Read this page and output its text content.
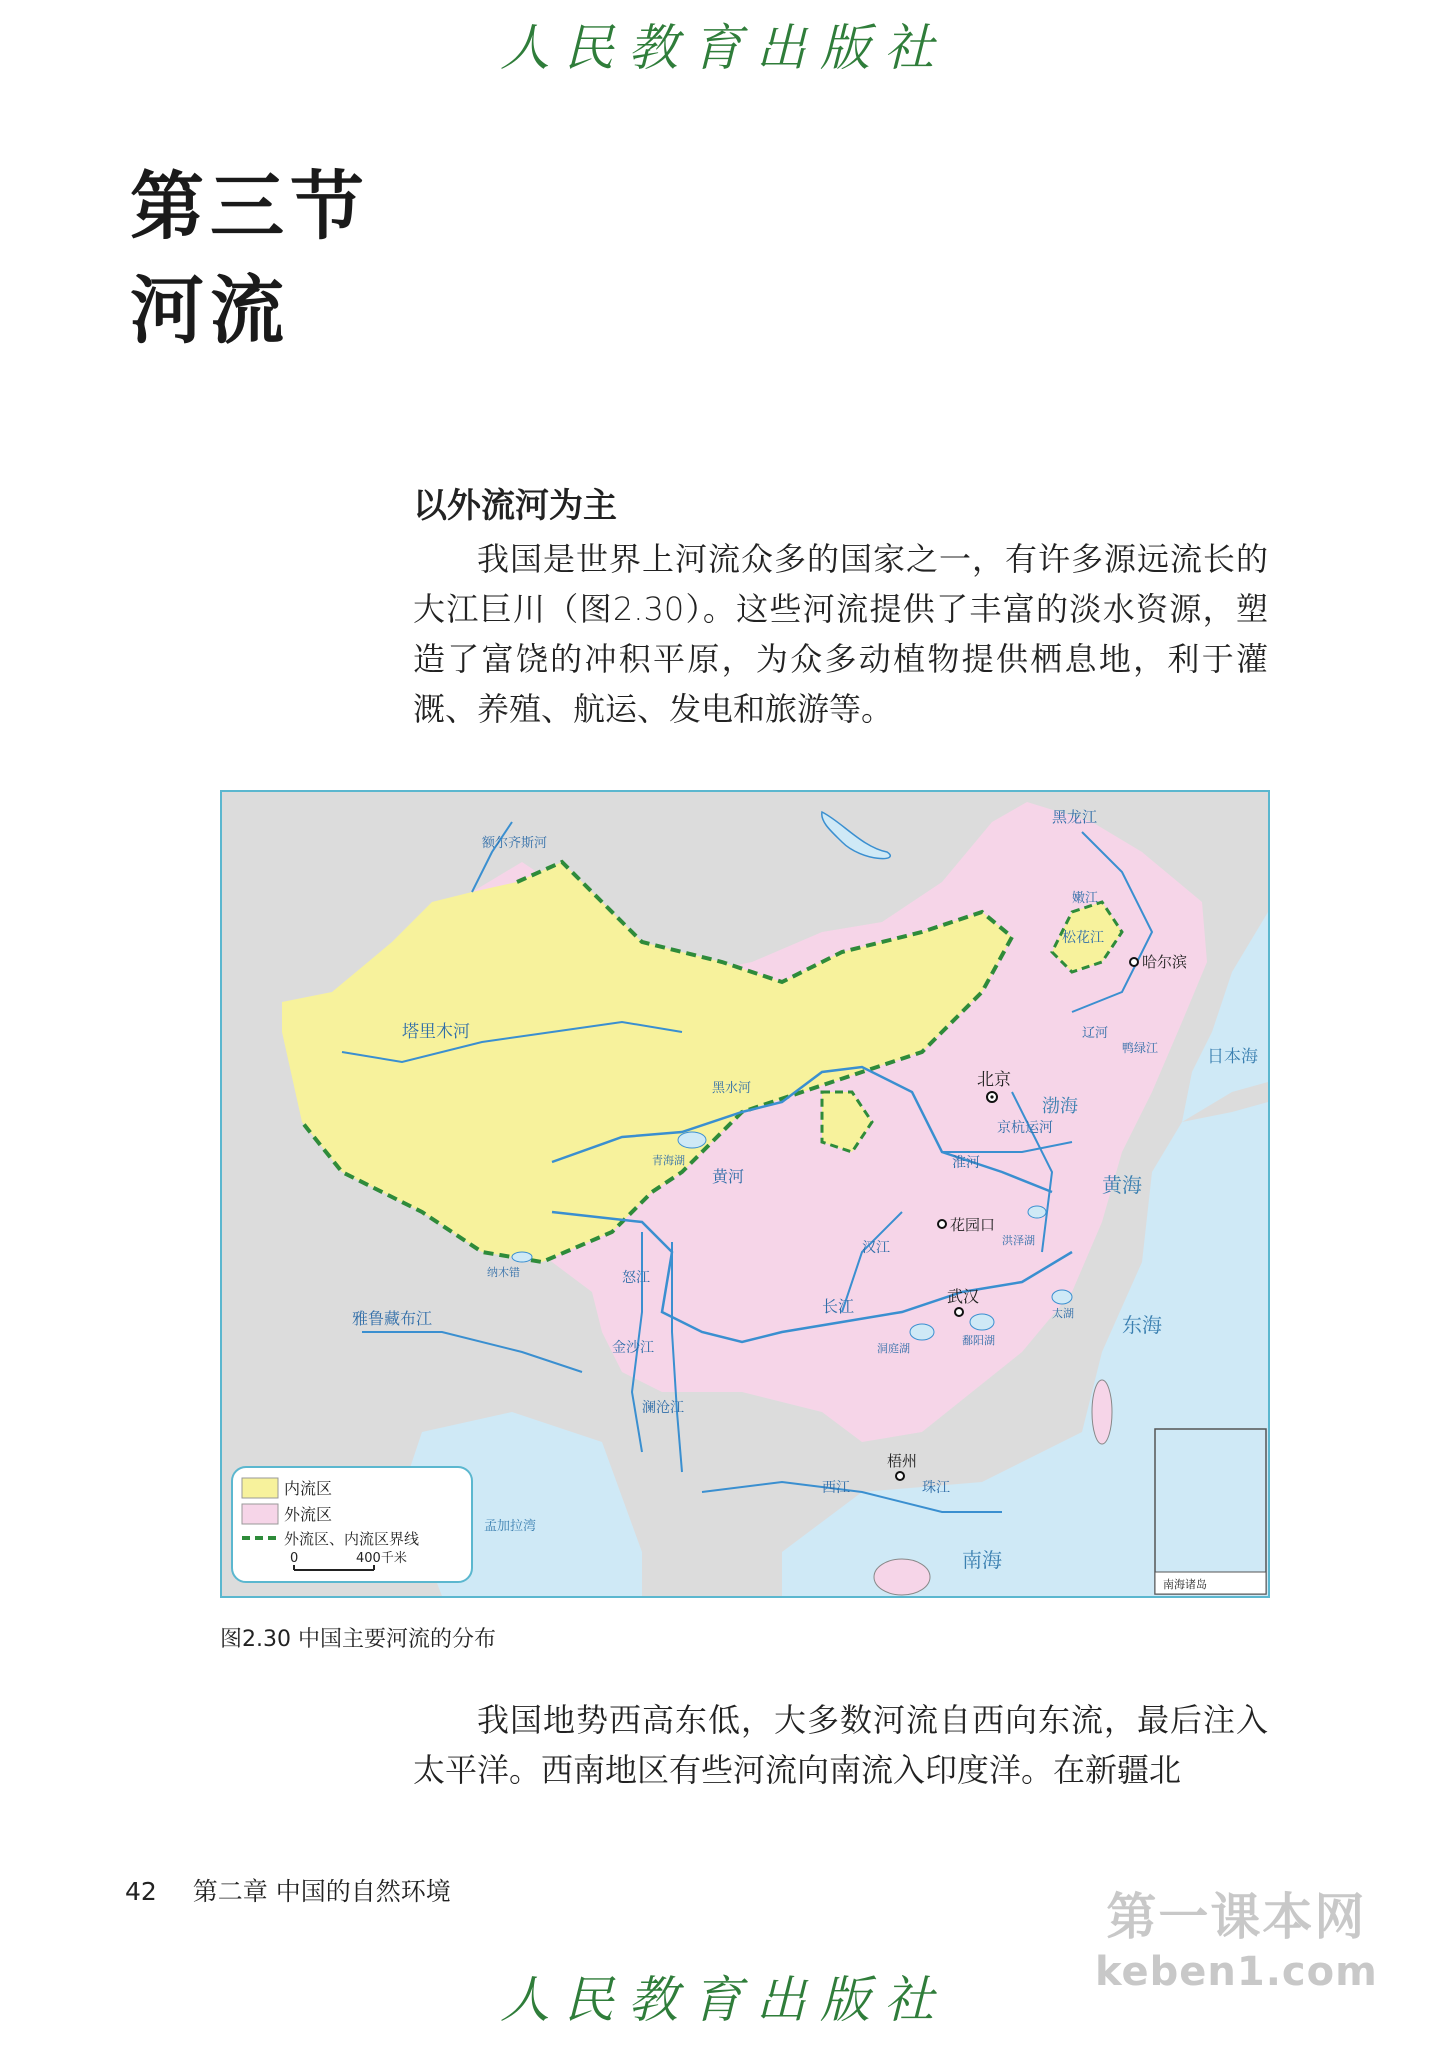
人民教育出版社
第三节
河流
以外流河为主
我国是世界上河流众多的国家之一，有许多源远流长的大江巨川（图2.30）。这些河流提供了丰富的淡水资源，塑造了富饶的冲积平原，为众多动植物提供栖息地，利于灌溉、养殖、航运、发电和旅游等。
内流区
外流区
外流区、内流区界线
0	400千米
北京
哈尔滨
花园口
武汉
梧州
额尔齐斯河
黑龙江
松花江
嫩江
辽河
鸭绿江
塔里木河
黑水河
青海湖
纳木错
雅鲁藏布江
怒江
金沙江
澜沧江
黄河
长江
汉江
京杭运河
洪泽湖
太湖
鄱阳湖
洞庭湖
淮河
西江	珠江
渤海
黄海
东海
南海
日本海
孟加拉湾
南海诸岛
图2.30 中国主要河流的分布
我国地势西高东低，大多数河流自西向东流，最后注入太平洋。西南地区有些河流向南流入印度洋。在新疆北
42 第二章 中国的自然环境	第一课本网
keben1.com
人民教育出版社
